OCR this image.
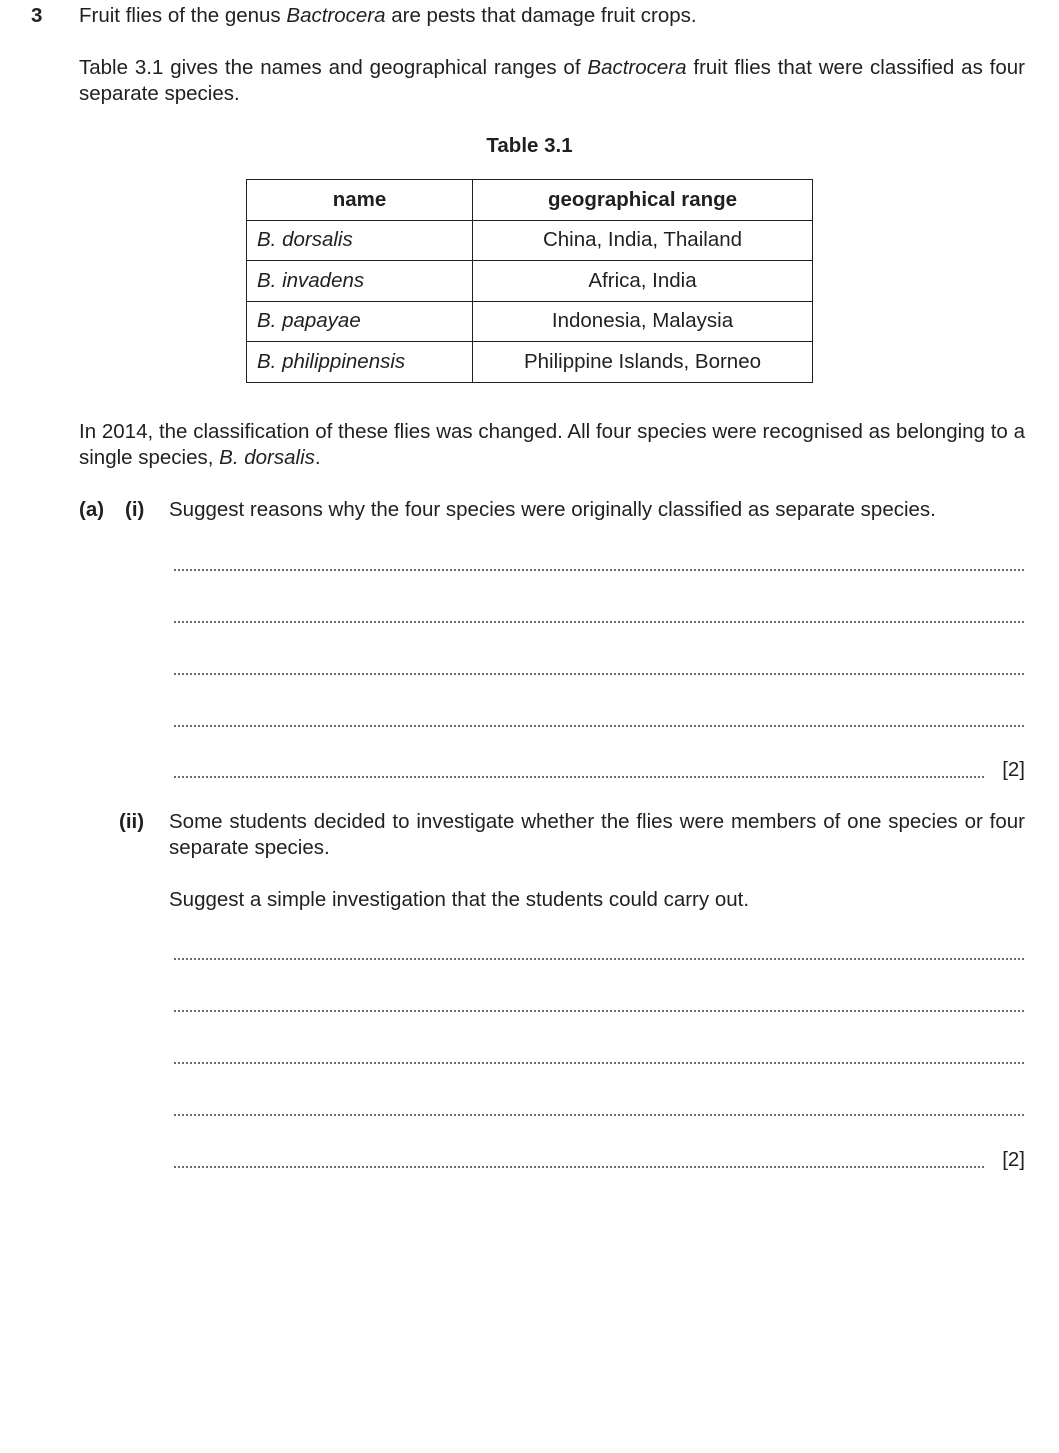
3 Fruit flies of the genus Bactrocera are pests that damage fruit crops.
Table 3.1 gives the names and geographical ranges of Bactrocera fruit flies that were classified as four separate species.
Table 3.1
name	geographical range
B. dorsalis	China, India, Thailand
B. invadens	Africa, India
B. papayae	Indonesia, Malaysia
B. philippinensis	Philippine Islands, Borneo
In 2014, the classification of these flies was changed. All four species were recognised as belonging to a single species, B. dorsalis.
(a) (i) Suggest reasons why the four species were originally classified as separate species.
[2]
(ii) Some students decided to investigate whether the flies were members of one species or four separate species.
Suggest a simple investigation that the students could carry out.
[2]
